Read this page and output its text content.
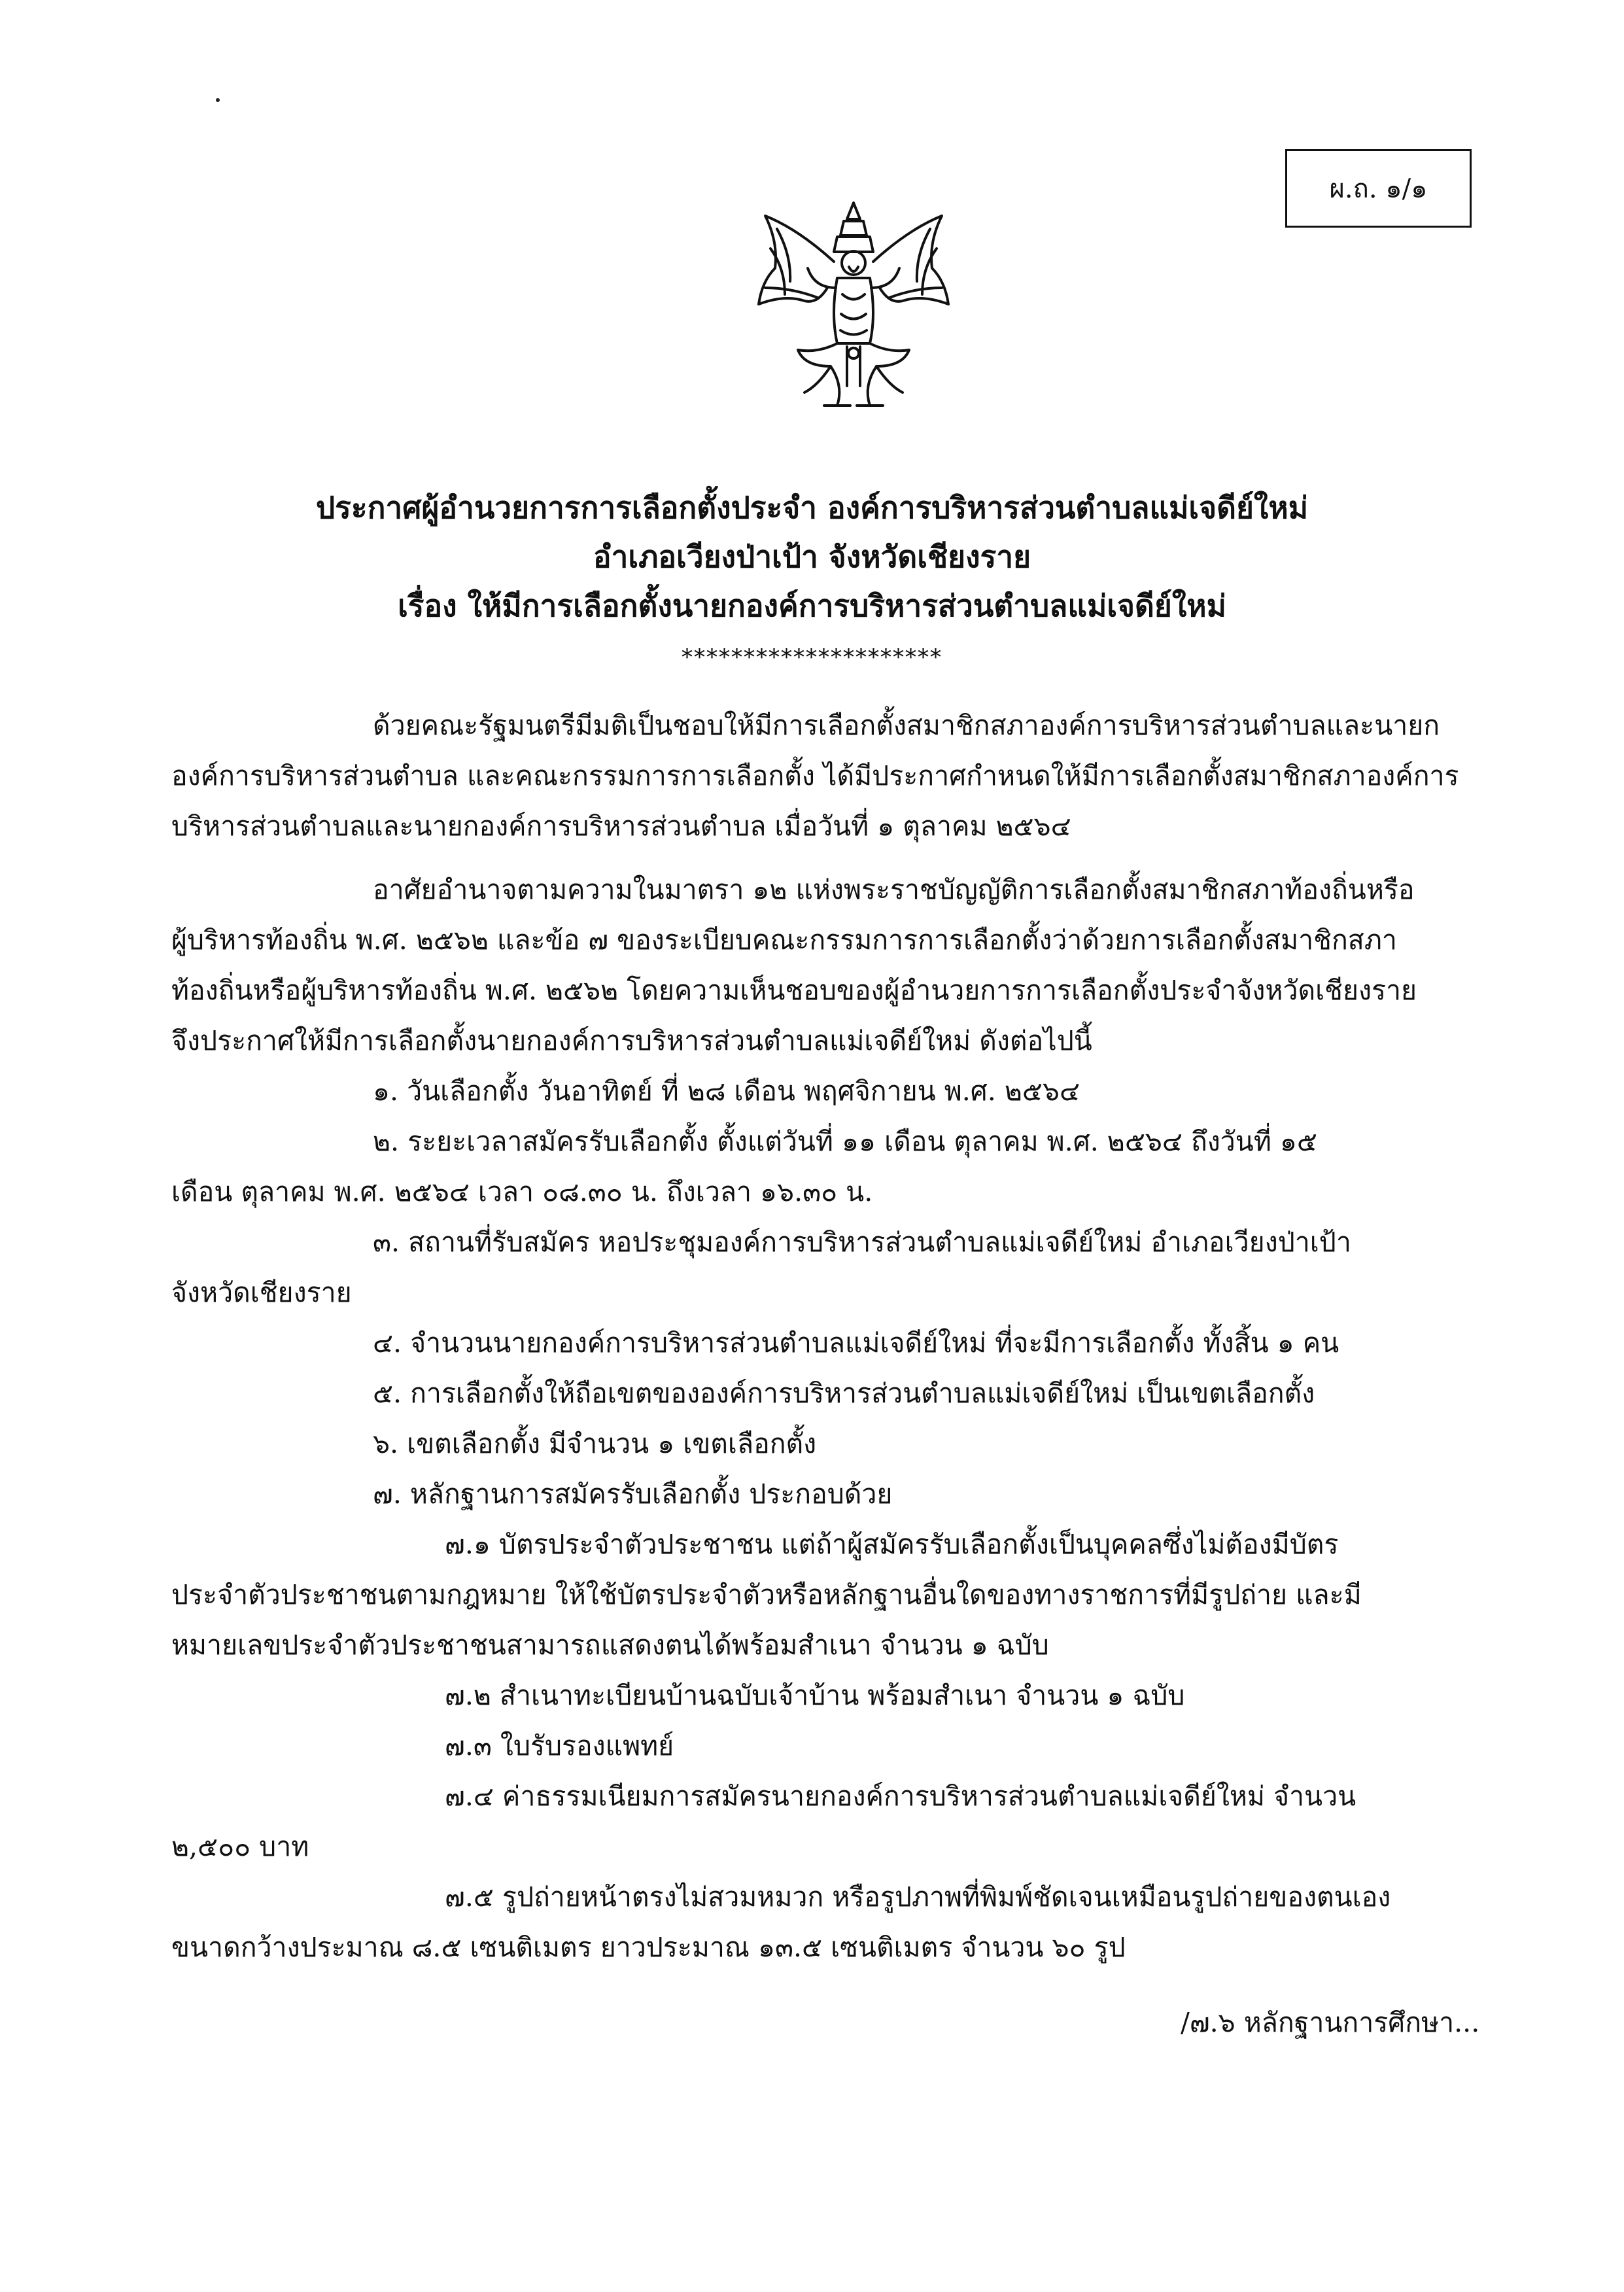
ผ.ถ. ๑/๑
ประกาศผู้อำนวยการการเลือกตั้งประจำ องค์การบริหารส่วนตำบลแม่เจดีย์ใหม่
อำเภอเวียงป่าเป้า จังหวัดเชียงราย
เรื่อง ให้มีการเลือกตั้งนายกองค์การบริหารส่วนตำบลแม่เจดีย์ใหม่
*********************
ด้วยคณะรัฐมนตรีมีมติเป็นชอบให้มีการเลือกตั้งสมาชิกสภาองค์การบริหารส่วนตำบลและนายก
องค์การบริหารส่วนตำบล และคณะกรรมการการเลือกตั้ง ได้มีประกาศกำหนดให้มีการเลือกตั้งสมาชิกสภาองค์การ
บริหารส่วนตำบลและนายกองค์การบริหารส่วนตำบล เมื่อวันที่ ๑ ตุลาคม ๒๕๖๔
อาศัยอำนาจตามความในมาตรา ๑๒ แห่งพระราชบัญญัติการเลือกตั้งสมาชิกสภาท้องถิ่นหรือ
ผู้บริหารท้องถิ่น พ.ศ. ๒๕๖๒ และข้อ ๗ ของระเบียบคณะกรรมการการเลือกตั้งว่าด้วยการเลือกตั้งสมาชิกสภา
ท้องถิ่นหรือผู้บริหารท้องถิ่น พ.ศ. ๒๕๖๒ โดยความเห็นชอบของผู้อำนวยการการเลือกตั้งประจำจังหวัดเชียงราย
จึงประกาศให้มีการเลือกตั้งนายกองค์การบริหารส่วนตำบลแม่เจดีย์ใหม่ ดังต่อไปนี้
๑. วันเลือกตั้ง วันอาทิตย์ ที่ ๒๘ เดือน พฤศจิกายน พ.ศ. ๒๕๖๔
๒. ระยะเวลาสมัครรับเลือกตั้ง ตั้งแต่วันที่ ๑๑ เดือน ตุลาคม พ.ศ. ๒๕๖๔ ถึงวันที่ ๑๕
เดือน ตุลาคม พ.ศ. ๒๕๖๔ เวลา ๐๘.๓๐ น. ถึงเวลา ๑๖.๓๐ น.
๓. สถานที่รับสมัคร หอประชุมองค์การบริหารส่วนตำบลแม่เจดีย์ใหม่ อำเภอเวียงป่าเป้า
จังหวัดเชียงราย
๔. จำนวนนายกองค์การบริหารส่วนตำบลแม่เจดีย์ใหม่ ที่จะมีการเลือกตั้ง ทั้งสิ้น ๑ คน
๕. การเลือกตั้งให้ถือเขตขององค์การบริหารส่วนตำบลแม่เจดีย์ใหม่ เป็นเขตเลือกตั้ง
๖. เขตเลือกตั้ง มีจำนวน ๑ เขตเลือกตั้ง
๗. หลักฐานการสมัครรับเลือกตั้ง ประกอบด้วย
๗.๑ บัตรประจำตัวประชาชน แต่ถ้าผู้สมัครรับเลือกตั้งเป็นบุคคลซึ่งไม่ต้องมีบัตร
ประจำตัวประชาชนตามกฎหมาย ให้ใช้บัตรประจำตัวหรือหลักฐานอื่นใดของทางราชการที่มีรูปถ่าย และมี
หมายเลขประจำตัวประชาชนสามารถแสดงตนได้พร้อมสำเนา จำนวน ๑ ฉบับ
๗.๒ สำเนาทะเบียนบ้านฉบับเจ้าบ้าน พร้อมสำเนา จำนวน ๑ ฉบับ
๗.๓ ใบรับรองแพทย์
๗.๔ ค่าธรรมเนียมการสมัครนายกองค์การบริหารส่วนตำบลแม่เจดีย์ใหม่ จำนวน
๒,๕๐๐ บาท
๗.๕ รูปถ่ายหน้าตรงไม่สวมหมวก หรือรูปภาพที่พิมพ์ชัดเจนเหมือนรูปถ่ายของตนเอง
ขนาดกว้างประมาณ ๘.๕ เซนติเมตร ยาวประมาณ ๑๓.๕ เซนติเมตร จำนวน ๖๐ รูป
/๗.๖ หลักฐานการศึกษา...
